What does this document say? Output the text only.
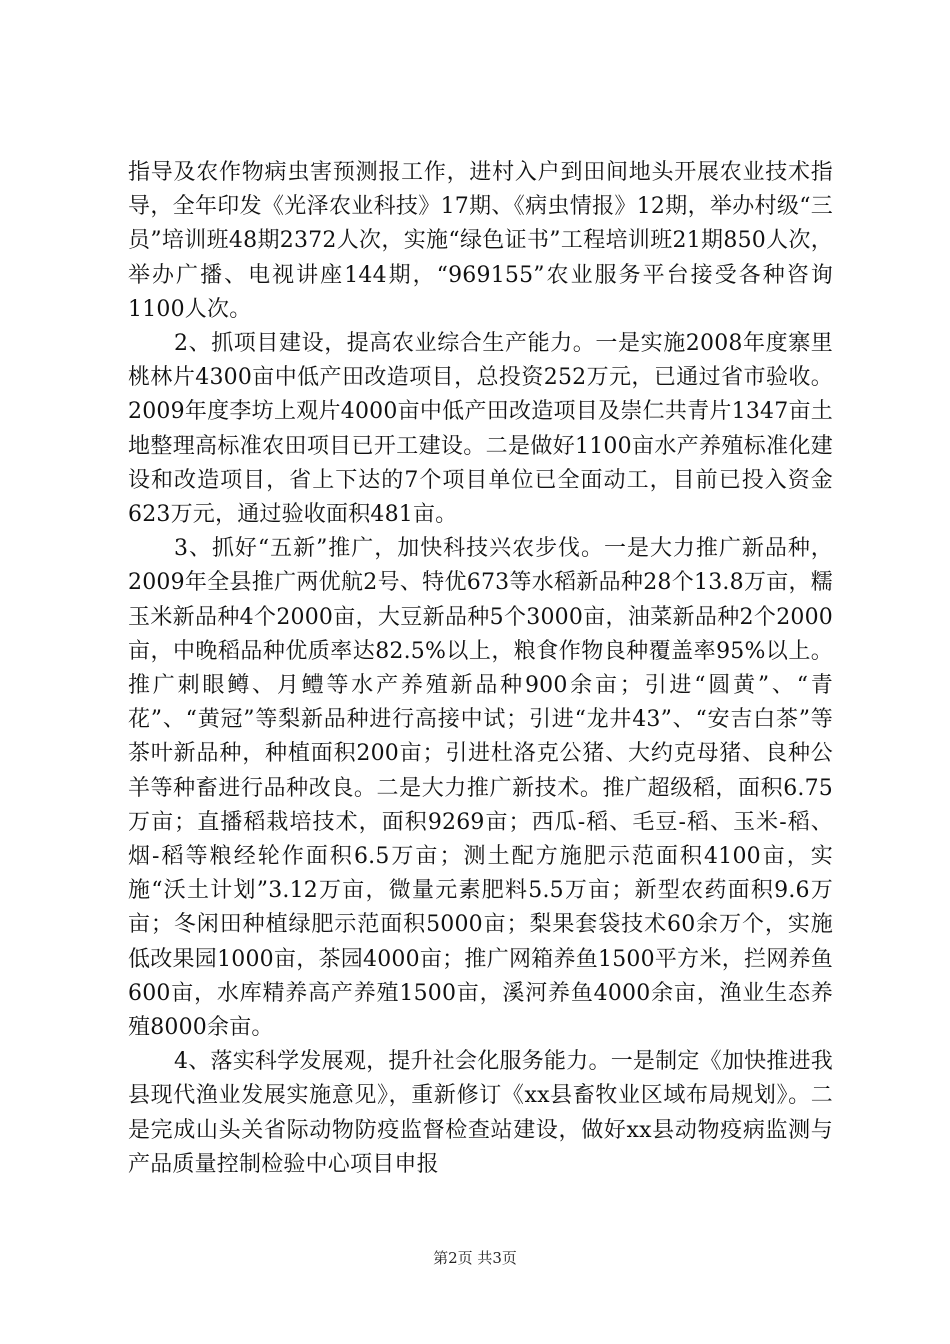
指导及农作物病虫害预测报工作，进村入户到田间地头开展农业技术指导，全年印发《光泽农业科技》17期、《病虫情报》12期，举办村级“三员”培训班48期2372人次，实施“绿色证书”工程培训班21期850人次，举办广播、电视讲座144期，“969155”农业服务平台接受各种咨询1100人次。

2、抓项目建设，提高农业综合生产能力。一是实施2008年度寨里桃林片4300亩中低产田改造项目，总投资252万元，已通过省市验收。2009年度李坊上观片4000亩中低产田改造项目及崇仁共青片1347亩土地整理高标准农田项目已开工建设。二是做好1100亩水产养殖标准化建设和改造项目，省上下达的7个项目单位已全面动工，目前已投入资金623万元，通过验收面积481亩。

3、抓好“五新”推广，加快科技兴农步伐。一是大力推广新品种，2009年全县推广两优航2号、特优673等水稻新品种28个13.8万亩，糯玉米新品种4个2000亩，大豆新品种5个3000亩，油菜新品种2个2000亩，中晚稻品种优质率达82.5%以上，粮食作物良种覆盖率95%以上。推广刺眼鳟、月鳢等水产养殖新品种900余亩；引进“圆黄”、“青花”、“黄冠”等梨新品种进行高接中试；引进“龙井43”、“安吉白茶”等茶叶新品种，种植面积200亩；引进杜洛克公猪、大约克母猪、良种公羊等种畜进行品种改良。二是大力推广新技术。推广超级稻，面积6.75万亩；直播稻栽培技术，面积9269亩；西瓜-稻、毛豆-稻、玉米-稻、烟-稻等粮经轮作面积6.5万亩；测土配方施肥示范面积4100亩，实施“沃土计划”3.12万亩，微量元素肥料5.5万亩；新型农药面积9.6万亩；冬闲田种植绿肥示范面积5000亩；梨果套袋技术60余万个，实施低改果园1000亩，茶园4000亩；推广网箱养鱼1500平方米，拦网养鱼600亩，水库精养高产养殖1500亩，溪河养鱼4000余亩，渔业生态养殖8000余亩。

4、落实科学发展观，提升社会化服务能力。一是制定《加快推进我县现代渔业发展实施意见》，重新修订《xx县畜牧业区域布局规划》。二是完成山头关省际动物防疫监督检查站建设，做好xx县动物疫病监测与产品质量控制检验中心项目申报

第2页 共3页
